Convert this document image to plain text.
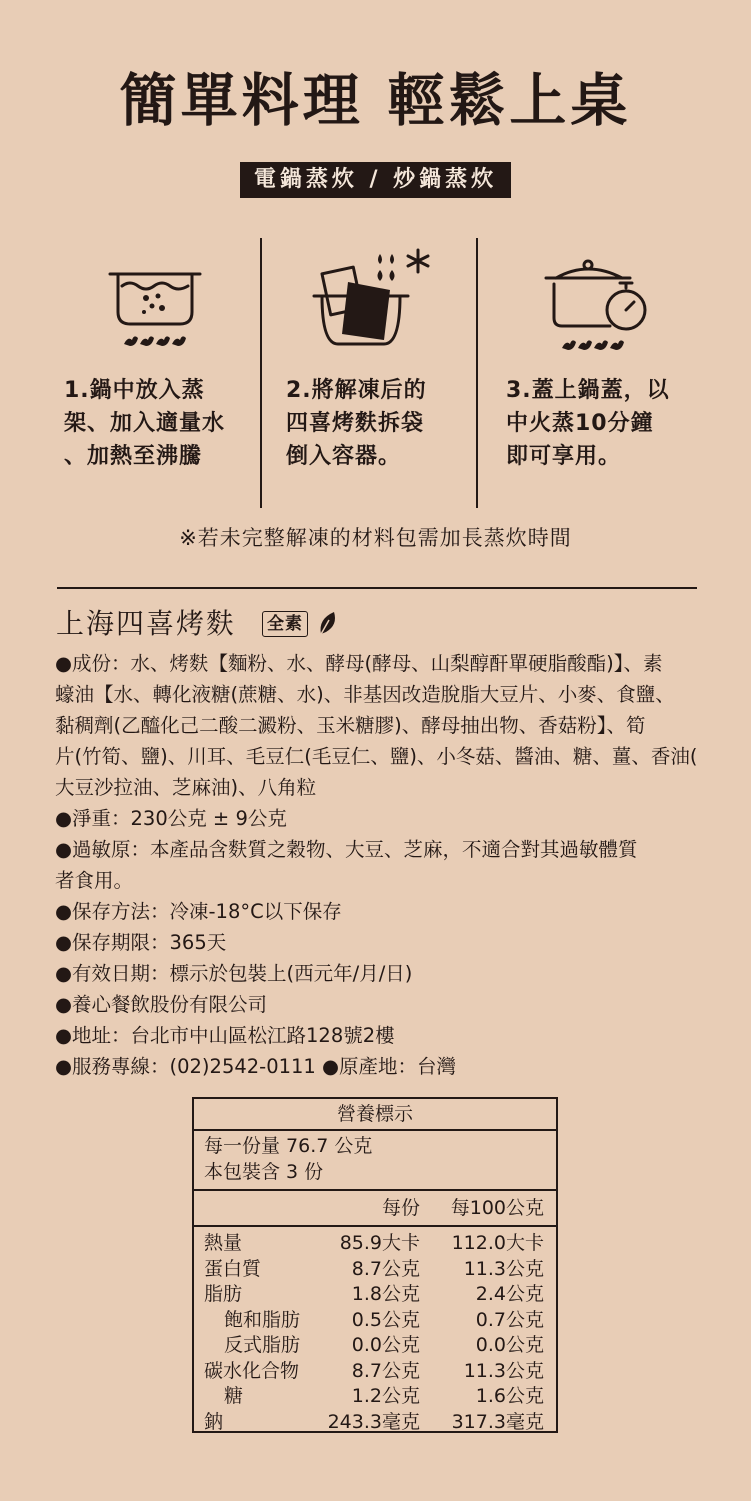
簡單料理 輕鬆上桌
電鍋蒸炊 / 炒鍋蒸炊
1.鍋中放入蒸
架、加入適量水
、加熱至沸騰
2.將解凍后的
四喜烤麩拆袋
倒入容器。
3.蓋上鍋蓋，以
中火蒸10分鐘
即可享用。
※若未完整解凍的材料包需加長蒸炊時間
上海四喜烤麩 全素

●成份：水、烤麩【麵粉、水、酵母(酵母、山梨醇酐單硬脂酸酯)】、素

蠔油【水、轉化液糖(蔗糖、水)、非基因改造脫脂大豆片、小麥、食鹽、

黏稠劑(乙醯化己二酸二澱粉、玉米糖膠)、酵母抽出物、香菇粉】、筍

片(竹筍、鹽)、川耳、毛豆仁(毛豆仁、鹽)、小冬菇、醬油、糖、薑、香油(

大豆沙拉油、芝麻油)、八角粒

●淨重：230公克 ± 9公克

●過敏原：本產品含麩質之穀物、大豆、芝麻，不適合對其過敏體質

者食用。

●保存方法：冷凍-18°C以下保存

●保存期限：365天

●有效日期：標示於包裝上(西元年/月/日)

●養心餐飲股份有限公司

●地址：台北市中山區松江路128號2樓

●服務專線：(02)2542-0111 ●原產地：台灣

營養標示
每一份量 76.7 公克
本包裝含 3 份
每份 每100公克
熱量	85.9大卡 112.0大卡
蛋白質	8.7公克 11.3公克
脂肪	1.8公克	2.4公克
飽和脂肪	0.5公克	0.7公克
反式脂肪	0.0公克	0.0公克
碳水化合物	8.7公克 11.3公克
糖	1.2公克	1.6公克
鈉	243.3毫克 317.3毫克
